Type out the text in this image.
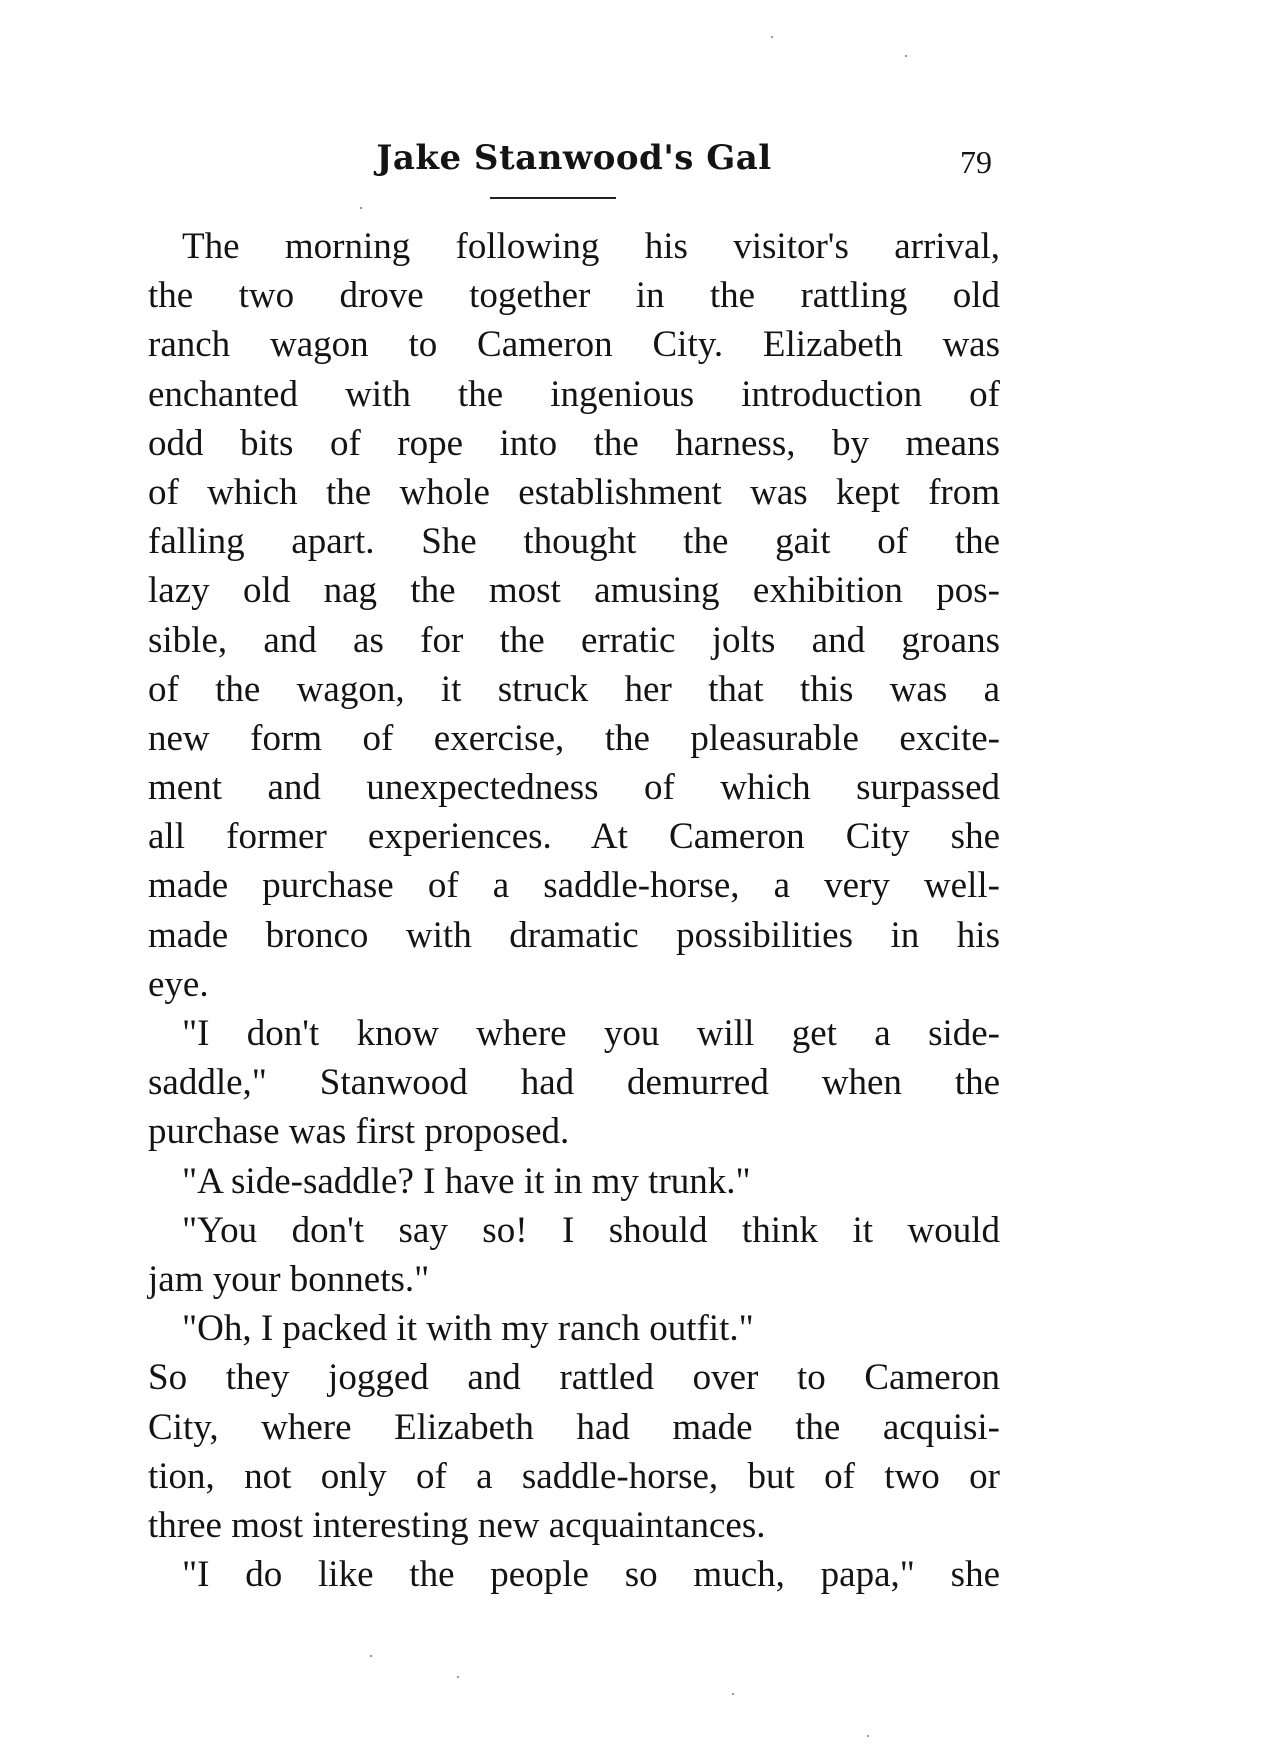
Jake Stanwood's Gal	79
The morning following his visitor's arrival,
the two drove together in the rattling old
ranch wagon to Cameron City. Elizabeth was
enchanted with the ingenious introduction of
odd bits of rope into the harness, by means
of which the whole establishment was kept from
falling apart. She thought the gait of the
lazy old nag the most amusing exhibition pos-
sible, and as for the erratic jolts and groans
of the wagon, it struck her that this was a
new form of exercise, the pleasurable excite-
ment and unexpectedness of which surpassed
all former experiences. At Cameron City she
made purchase of a saddle-horse, a very well-
made bronco with dramatic possibilities in his
eye.
"I don't know where you will get a side-
saddle," Stanwood had demurred when the
purchase was first proposed.
"A side-saddle? I have it in my trunk."
"You don't say so! I should think it would
jam your bonnets."
"Oh, I packed it with my ranch outfit."
So they jogged and rattled over to Cameron
City, where Elizabeth had made the acquisi-
tion, not only of a saddle-horse, but of two or
three most interesting new acquaintances.
"I do like the people so much, papa," she
